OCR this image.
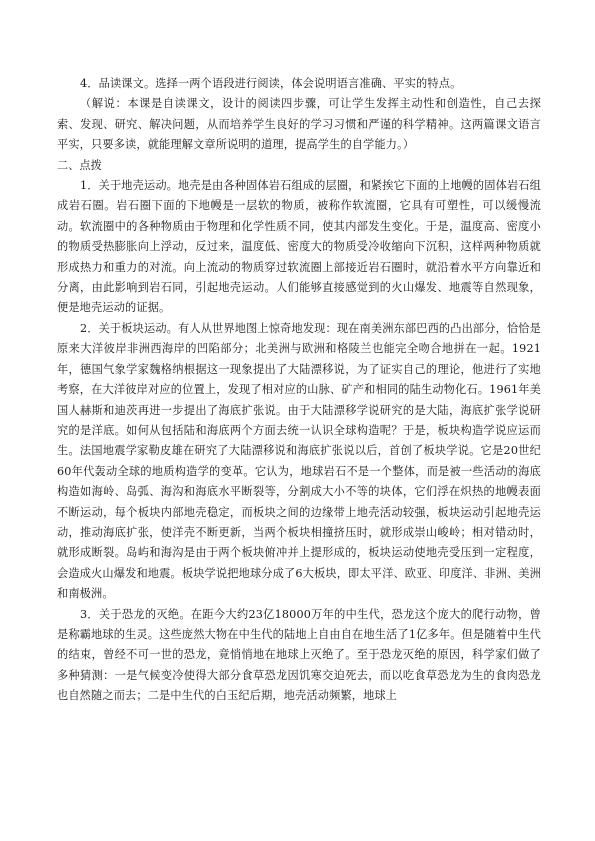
4．品读课文。选择一两个语段进行阅读，体会说明语言准确、平实的特点。

（解说：本课是自读课文，设计的阅读四步骤，可让学生发挥主动性和创造性，自己去探索、发现、研究、解决问题，从而培养学生良好的学习习惯和严谨的科学精神。这两篇课文语言平实，只要多读，就能理解文章所说明的道理，提高学生的自学能力。）

二、点拨

1．关于地壳运动。地壳是由各种固体岩石组成的层圈，和紧挨它下面的上地幔的固体岩石组成岩石圈。岩石圈下面的下地幔是一层软的物质，被称作软流圈，它具有可塑性，可以缓慢流动。软流圈中的各种物质由于物理和化学性质不同，使其内部发生变化。于是，温度高、密度小的物质受热膨胀向上浮动，反过来，温度低、密度大的物质受冷收缩向下沉积，这样两种物质就形成热力和重力的对流。向上流动的物质穿过软流圈上部接近岩石圈时，就沿着水平方向靠近和分离，由此影响到岩石同，引起地壳运动。人们能够直接感觉到的火山爆发、地震等自然现象，便是地壳运动的证据。

2．关于板块运动。有人从世界地图上惊奇地发现：现在南美洲东部巴西的凸出部分，恰恰是原来大洋彼岸非洲西海岸的凹陷部分；北美洲与欧洲和格陵兰也能完全吻合地拼在一起。1921年，德国气象学家魏格纳根据这一现象提出了大陆漂移说，为了证实自己的理论，他进行了实地考察，在大洋彼岸对应的位置上，发现了相对应的山脉、矿产和相同的陆生动物化石。1961年美国人赫斯和迪茨再进一步提出了海底扩张说。由于大陆漂移学说研究的是大陆，海底扩张学说研究的是洋底。如何从包括陆和海底两个方面去统一认识全球构造呢？于是，板块构造学说应运而生。法国地震学家勒皮雄在研究了大陆漂移说和海底扩张说以后，首创了板块学说。它是20世纪60年代轰动全球的地质构造学的变革。它认为，地球岩石不是一个整体，而是被一些活动的海底构造如海岭、岛弧、海沟和海底水平断裂等，分割成大小不等的块体，它们浮在炽热的地幔表面不断运动，每个板块内部地壳稳定，而板块之间的边缘带上地壳活动较强，板块运动引起地壳运动，推动海底扩张，使洋壳不断更新，当两个板块相撞挤压时，就形成崇山峻岭；相对错动时，就形成断裂。岛屿和海沟是由于两个板块俯冲并上提形成的，板块运动使地壳受压到一定程度，会造成火山爆发和地震。板块学说把地球分成了6大板块，即太平洋、欧亚、印度洋、非洲、美洲和南极洲。

3．关于恐龙的灭绝。在距今大约23亿18000万年的中生代，恐龙这个庞大的爬行动物，曾是称霸地球的生灵。这些庞然大物在中生代的陆地上自由自在地生活了1亿多年。但是随着中生代的结束，曾经不可一世的恐龙，竟悄悄地在地球上灭绝了。至于恐龙灭绝的原因，科学家们做了多种猜测：一是气候变冷使得大部分食草恐龙因饥寒交迫死去，而以吃食草恐龙为生的食肉恐龙也自然随之而去；二是中生代的白玉纪后期，地壳活动频繁，地球上
